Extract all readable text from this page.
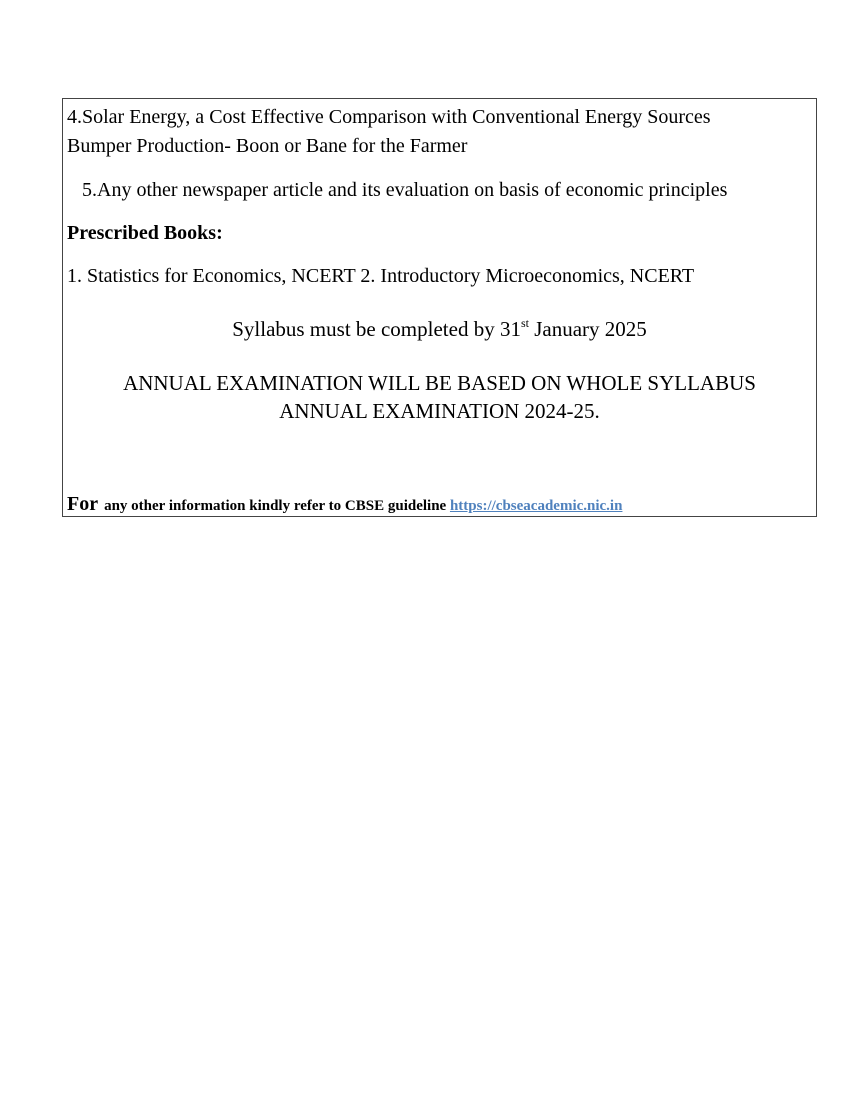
4.Solar Energy, a Cost Effective Comparison with Conventional Energy Sources
Bumper Production- Boon or Bane for the Farmer
5.Any other newspaper article and its evaluation on basis of economic principles
Prescribed Books:
1. Statistics for Economics, NCERT 2. Introductory Microeconomics, NCERT
Syllabus must be completed by 31st January 2025
ANNUAL EXAMINATION WILL BE BASED ON WHOLE SYLLABUS
ANNUAL EXAMINATION 2024-25.
For any other information kindly refer to CBSE guideline https://cbseacademic.nic.in
